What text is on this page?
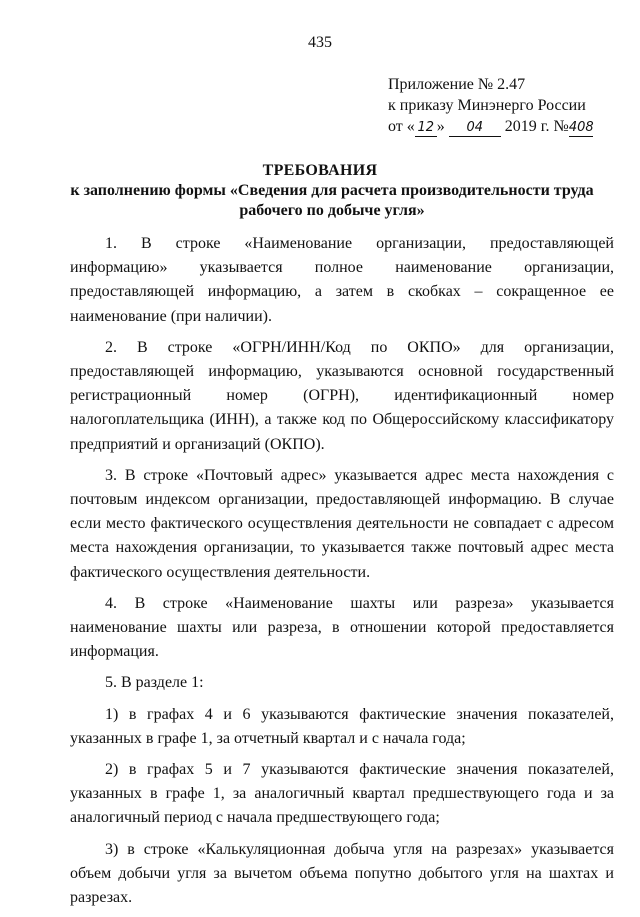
435
Приложение № 2.47
к приказу Минэнерго России
от « 12 » 04 2019 г. №408
ТРЕБОВАНИЯ
к заполнению формы «Сведения для расчета производительности труда рабочего по добыче угля»

1. В строке «Наименование организации, предоставляющей информацию» указывается полное наименование организации, предоставляющей информацию, а затем в скобках – сокращенное ее наименование (при наличии).

2. В строке «ОГРН/ИНН/Код по ОКПО» для организации, предоставляющей информацию, указываются основной государственный регистрационный номер (ОГРН), идентификационный номер налогоплательщика (ИНН), а также код по Общероссийскому классификатору предприятий и организаций (ОКПО).

3. В строке «Почтовый адрес» указывается адрес места нахождения с почтовым индексом организации, предоставляющей информацию. В случае если место фактического осуществления деятельности не совпадает с адресом места нахождения организации, то указывается также почтовый адрес места фактического осуществления деятельности.

4. В строке «Наименование шахты или разреза» указывается наименование шахты или разреза, в отношении которой предоставляется информация.

5. В разделе 1:

1) в графах 4 и 6 указываются фактические значения показателей, указанных в графе 1, за отчетный квартал и с начала года;

2) в графах 5 и 7 указываются фактические значения показателей, указанных в графе 1, за аналогичный квартал предшествующего года и за аналогичный период с начала предшествующего года;

3) в строке «Калькуляционная добыча угля на разрезах» указывается объем добычи угля за вычетом объема попутно добытого угля на шахтах и разрезах.
